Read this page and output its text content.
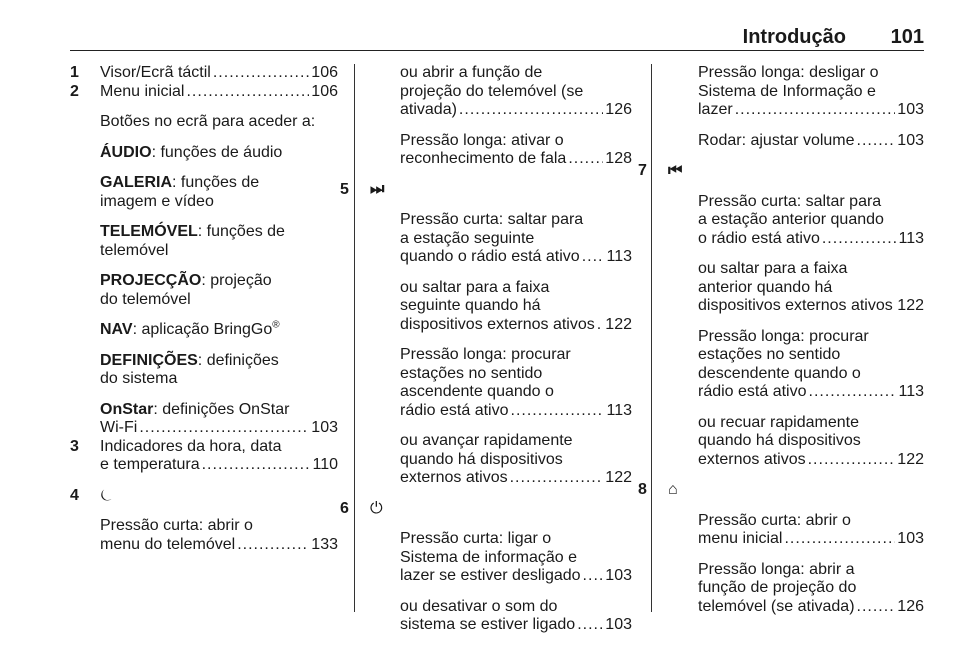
Introdução 101
1	Visor/Ecrã táctil .....	106
2	Menu inicial .....	106
Botões no ecrã para aceder a:
ÁUDIO: funções de áudio
GALERIA: funções de
imagem e vídeo
TELEMÓVEL: funções de
telemóvel
PROJECÇÃO: projeção
do telemóvel
NAV: aplicação BringGo®
DEFINIÇÕES: definições
do sistema
OnStar: definições OnStar
Wi-Fi .....	103
3	Indicadores da hora, data
e temperatura .....	110
4	⏾
Pressão curta: abrir o
menu do telemóvel .....	133
ou abrir a função de
projeção do telemóvel (se
ativada) .....	126
Pressão longa: ativar o
reconhecimento de fala ..... 128
5	⏭
Pressão curta: saltar para
a estação seguinte
quando o rádio está ativo ..... 113
ou saltar para a faixa
seguinte quando há
dispositivos externos ativos ..... 122
Pressão longa: procurar
estações no sentido
ascendente quando o
rádio está ativo .....	113
ou avançar rapidamente
quando há dispositivos
externos ativos .....	122
6	⏻
Pressão curta: ligar o
Sistema de informação e
lazer se estiver desligado ..... 103
ou desativar o som do
sistema se estiver ligado ..... 103
Pressão longa: desligar o
Sistema de Informação e
lazer .....	103
Rodar: ajustar volume .....	103
7	⏮
Pressão curta: saltar para
a estação anterior quando
o rádio está ativo .....	113
ou saltar para a faixa
anterior quando há
dispositivos externos ativos ..... 122
Pressão longa: procurar
estações no sentido
descendente quando o
rádio está ativo .....	113
ou recuar rapidamente
quando há dispositivos
externos ativos .....	122
8	⌂
Pressão curta: abrir o
menu inicial .....	103
Pressão longa: abrir a
função de projeção do
telemóvel (se ativada) .....	126
